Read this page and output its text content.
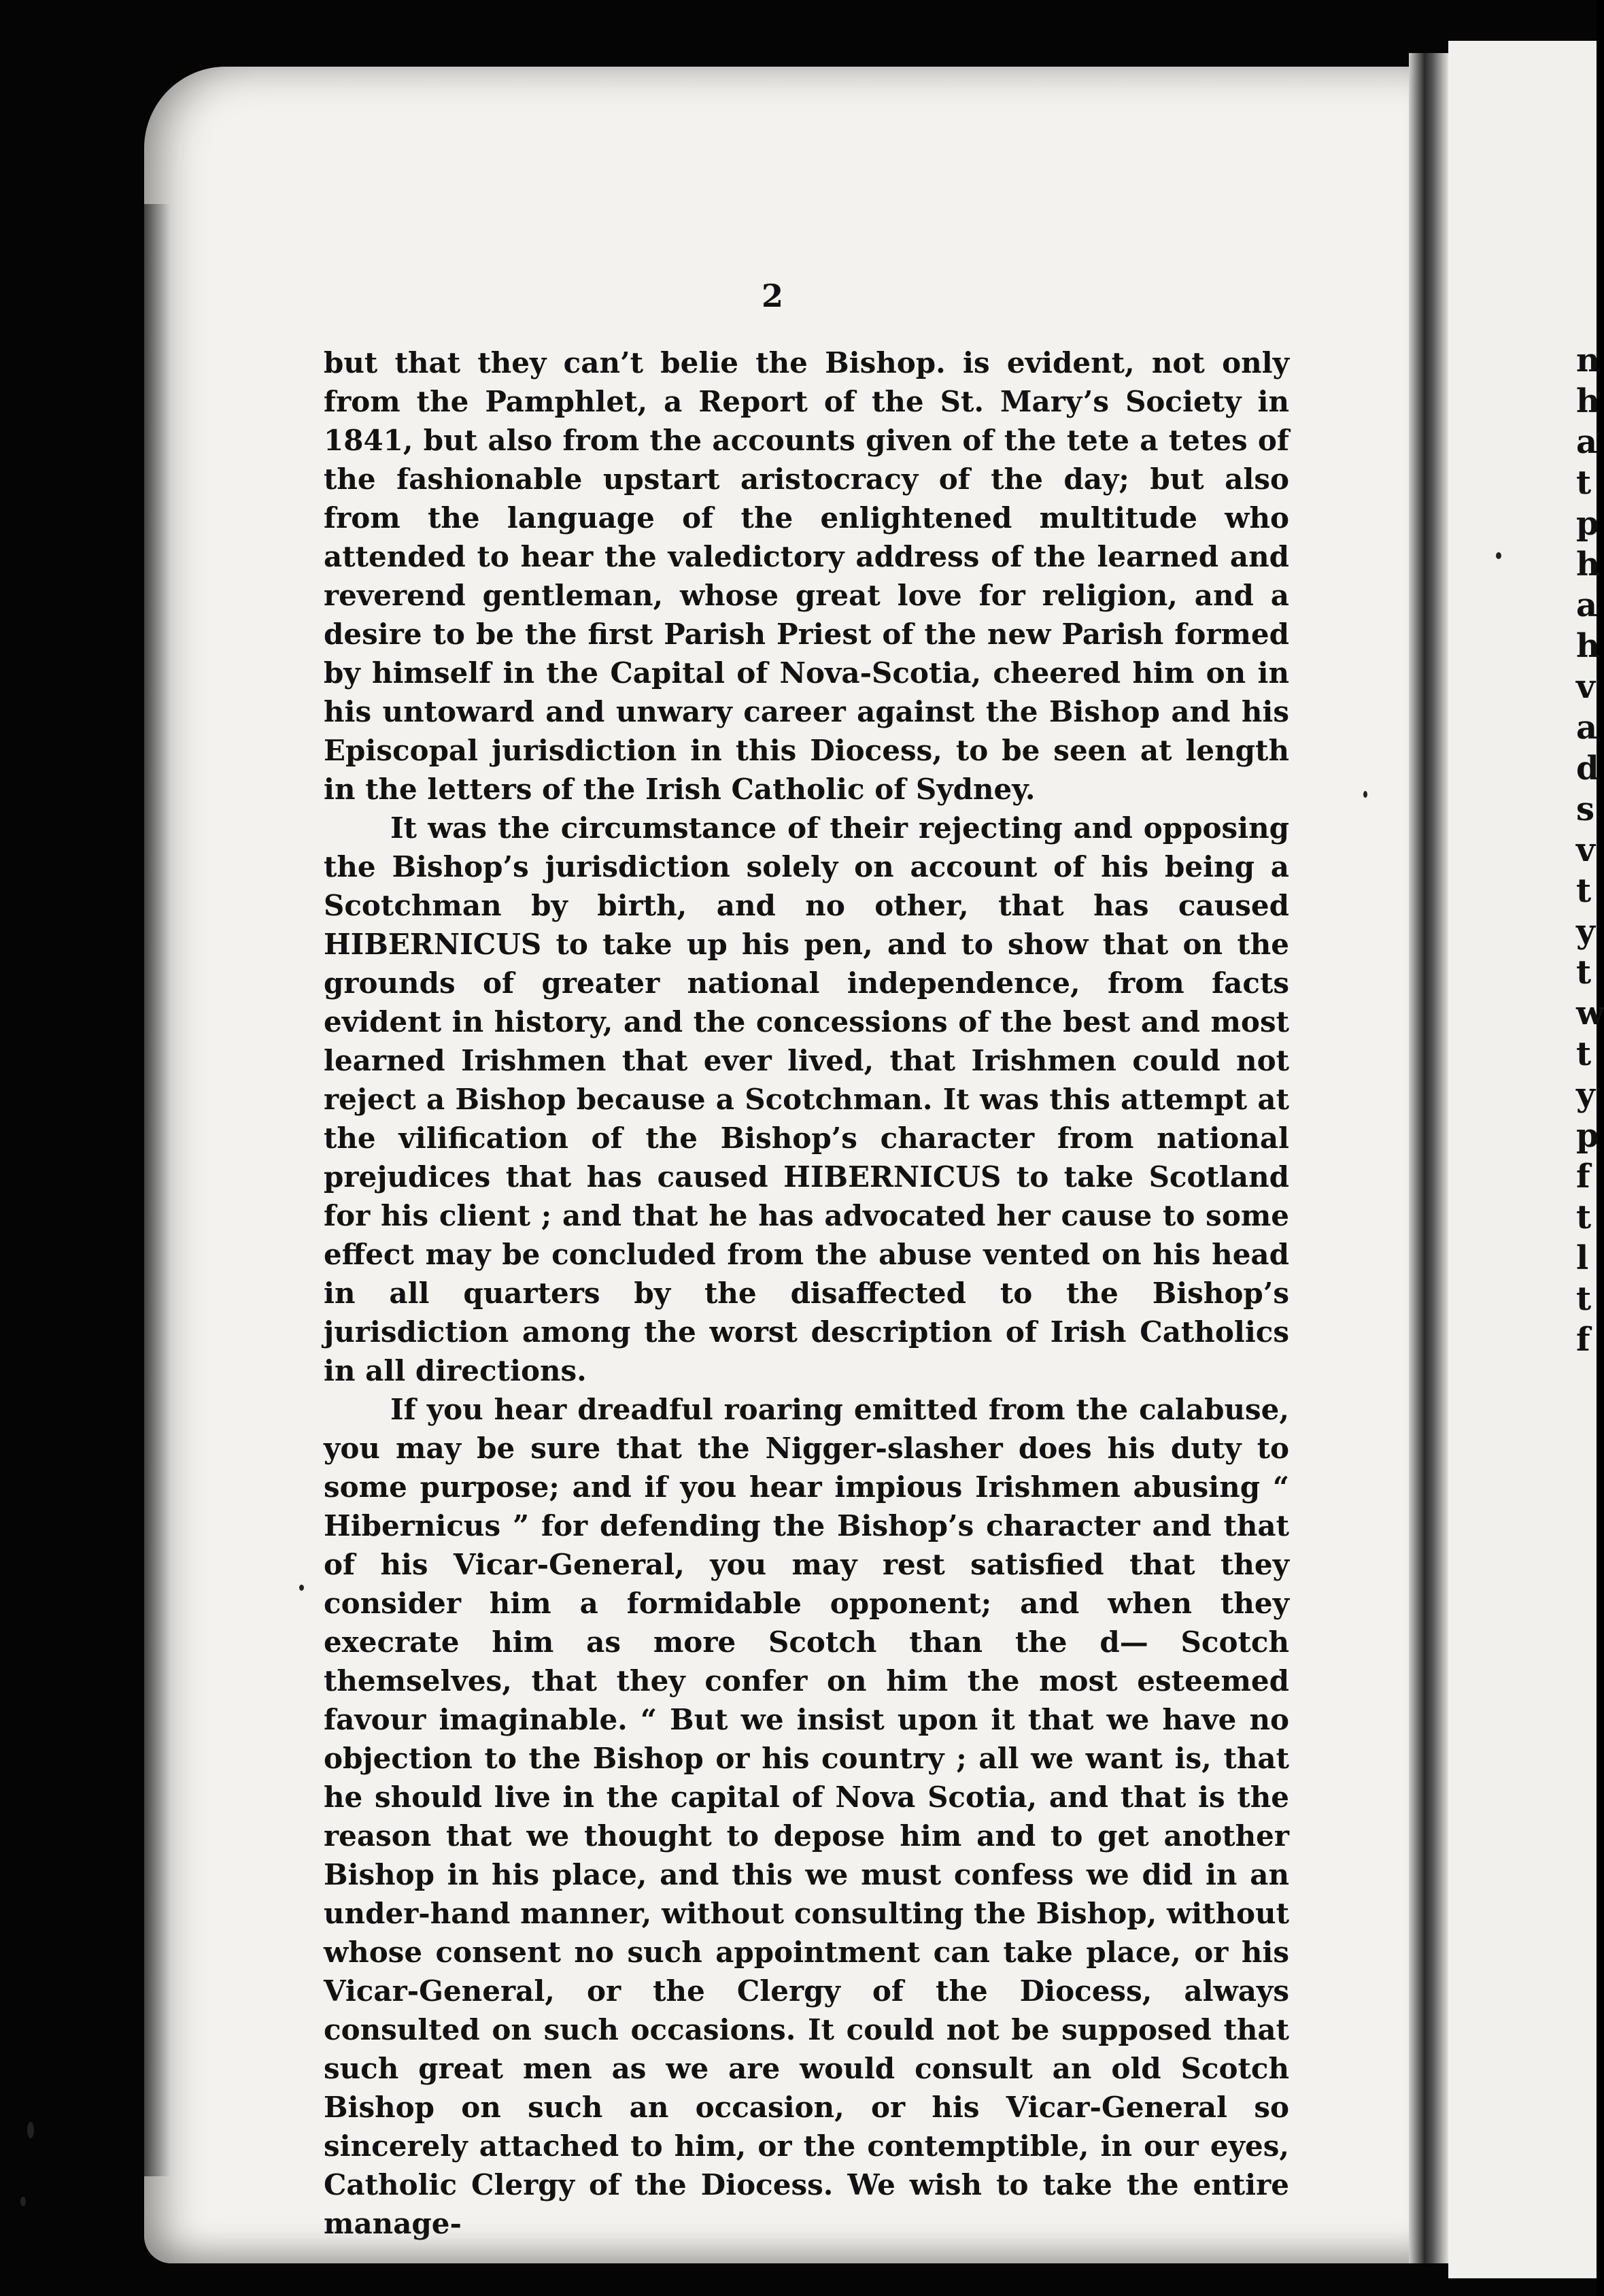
n
h
a
t
p
h
a
h
v
a
d
s
v
t
y
t
w
t
y
p
f
t
l
t
f
2

but that they can’t belie the Bishop. is evident, not only from the Pamphlet, a Report of the St. Mary’s Society in 1841, but also from the accounts given of the tete a tetes of the fashionable upstart aristocracy of the day; but also from the language of the enlightened multitude who attended to hear the valedictory address of the learned and reverend gentleman, whose great love for religion, and a desire to be the first Parish Priest of the new Parish formed by himself in the Capital of Nova-Scotia, cheered him on in his untoward and unwary career against the Bishop and his Episcopal jurisdiction in this Diocess, to be seen at length in the letters of the Irish Catholic of Sydney.

It was the circumstance of their rejecting and opposing the Bishop’s jurisdiction solely on account of his being a Scotchman by birth, and no other, that has caused HIBERNICUS to take up his pen, and to show that on the grounds of greater national independence, from facts evident in history, and the concessions of the best and most learned Irishmen that ever lived, that Irishmen could not reject a Bishop because a Scotchman. It was this attempt at the vilification of the Bishop’s character from national prejudices that has caused HIBERNICUS to take Scotland for his client ; and that he has advocated her cause to some effect may be concluded from the abuse vented on his head in all quarters by the disaffected to the Bishop’s jurisdiction among the worst description of Irish Catholics in all directions.

If you hear dreadful roaring emitted from the calabuse, you may be sure that the Nigger-slasher does his duty to some purpose; and if you hear impious Irishmen abusing “ Hibernicus ” for defending the Bishop’s character and that of his Vicar-General, you may rest satisfied that they consider him a formidable opponent; and when they execrate him as more Scotch than the d— Scotch themselves, that they confer on him the most esteemed favour imaginable. “ But we insist upon it that we have no objection to the Bishop or his country ; all we want is, that he should live in the capital of Nova Scotia, and that is the reason that we thought to depose him and to get another Bishop in his place, and this we must confess we did in an under-hand manner, without consulting the Bishop, without whose consent no such appointment can take place, or his Vicar-General, or the Clergy of the Diocess, always consulted on such occasions. It could not be supposed that such great men as we are would consult an old Scotch Bishop on such an occasion, or his Vicar-General so sincerely attached to him, or the contemptible, in our eyes, Catholic Clergy of the Diocess. We wish to take the entire manage-
